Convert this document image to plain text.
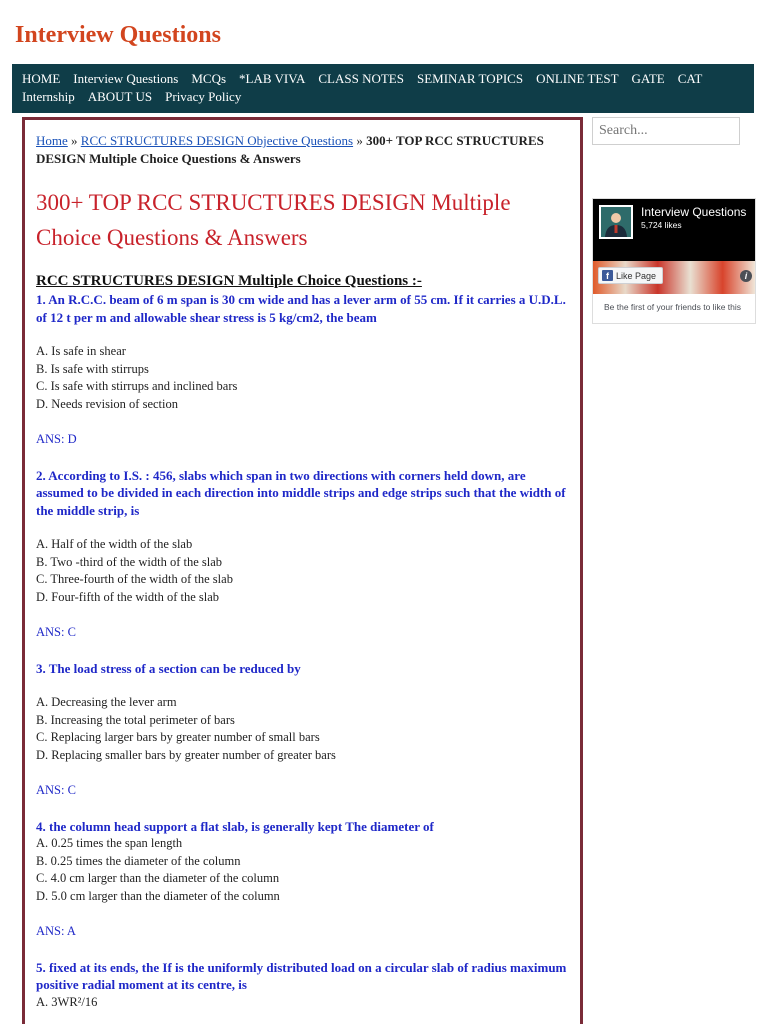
Interview Questions
HOME Interview Questions MCQs *LAB VIVA CLASS NOTES SEMINAR TOPICS ONLINE TEST GATE CAT
Internship ABOUT US Privacy Policy
Home » RCC STRUCTURES DESIGN Objective Questions » 300+ TOP RCC STRUCTURES DESIGN Multiple Choice Questions & Answers
300+ TOP RCC STRUCTURES DESIGN Multiple Choice Questions & Answers
RCC STRUCTURES DESIGN Multiple Choice Questions :-
1. An R.C.C. beam of 6 m span is 30 cm wide and has a lever arm of 55 cm. If it carries a U.D.L. of 12 t per m and allowable shear stress is 5 kg/cm2, the beam
A. Is safe in shear
B. Is safe with stirrups
C. Is safe with stirrups and inclined bars
D. Needs revision of section
ANS: D
2. According to I.S. : 456, slabs which span in two directions with corners held down, are assumed to be divided in each direction into middle strips and edge strips such that the width of the middle strip, is
A. Half of the width of the slab
B. Two -third of the width of the slab
C. Three-fourth of the width of the slab
D. Four-fifth of the width of the slab
ANS: C
3. The load stress of a section can be reduced by
A. Decreasing the lever arm
B. Increasing the total perimeter of bars
C. Replacing larger bars by greater number of small bars
D. Replacing smaller bars by greater number of greater bars
ANS: C
4. the column head support a flat slab, is generally kept The diameter of
A. 0.25 times the span length
B. 0.25 times the diameter of the column
C. 4.0 cm larger than the diameter of the column
D. 5.0 cm larger than the diameter of the column
ANS: A
5. fixed at its ends, the If is the uniformly distributed load on a circular slab of radius maximum positive radial moment at its centre, is
A. 3WR²/16
Search...
Interview Questions
5,724 likes
f Like Page	i
Be the first of your friends to like this
